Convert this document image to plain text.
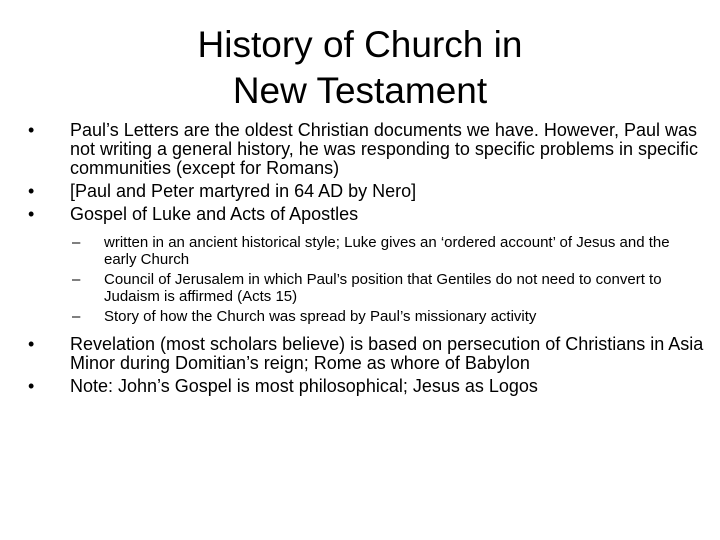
History of Church in
New Testament
• Paul’s Letters are the oldest Christian documents we have. However, Paul was not writing a general history, he was responding to specific problems in specific communities (except for Romans)
• [Paul and Peter martyred in 64 AD by Nero]
• Gospel of Luke and Acts of Apostles
– written in an ancient historical style; Luke gives an ‘ordered account’ of Jesus and the early Church
– Council of Jerusalem in which Paul’s position that Gentiles do not need to convert to Judaism is affirmed (Acts 15)
– Story of how the Church was spread by Paul’s missionary activity
• Revelation (most scholars believe) is based on persecution of Christians in Asia Minor during Domitian’s reign; Rome as whore of Babylon
• Note: John’s Gospel is most philosophical; Jesus as Logos
